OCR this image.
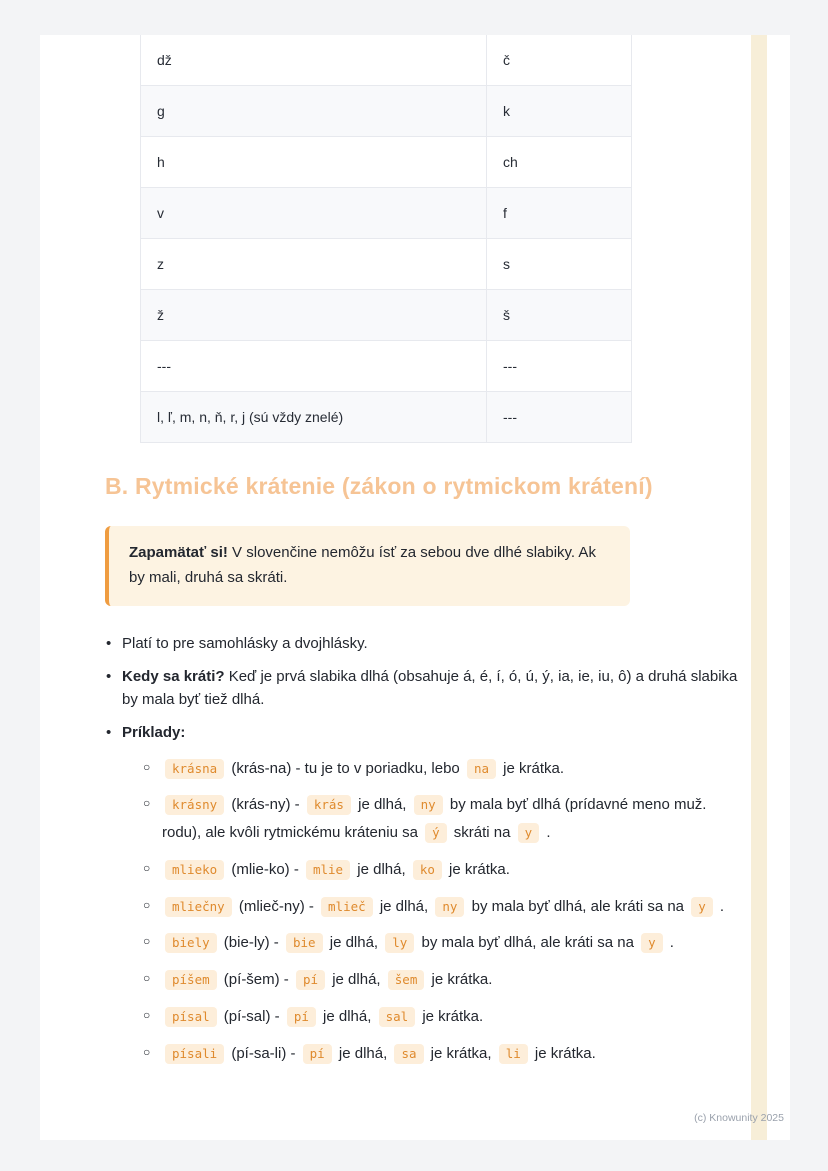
dž	č
g	k
h	ch
v	f
z	s
ž	š
---	---
l, ľ, m, n, ň, r, j (sú vždy znelé)	---
B. Rytmické krátenie (zákon o rytmickom krátení)
Zapamätať si! V slovenčine nemôžu ísť za sebou dve dlhé slabiky. Ak by mali, druhá sa skráti.
• Platí to pre samohlásky a dvojhlásky.
• Kedy sa kráti? Keď je prvá slabika dlhá (obsahuje á, é, í, ó, ú, ý, ia, ie, iu, ô) a druhá slabika by mala byť tiež dlhá.
• Príklady:
○ krásna (krás-na) - tu je to v poriadku, lebo na je krátka.
○ krásny (krás-ny) - krás je dlhá, ny by mala byť dlhá (prídavné meno muž. rodu), ale kvôli rytmickému kráteniu sa ý skráti na y .
○ mlieko (mlie-ko) - mlie je dlhá, ko je krátka.
○ mliečny (mlieč-ny) - mlieč je dlhá, ny by mala byť dlhá, ale kráti sa na y .
○ biely (bie-ly) - bie je dlhá, ly by mala byť dlhá, ale kráti sa na y .
○ píšem (pí-šem) - pí je dlhá, šem je krátka.
○ písal (pí-sal) - pí je dlhá, sal je krátka.
○ písali (pí-sa-li) - pí je dlhá, sa je krátka, li je krátka.
(c) Knowunity 2025
